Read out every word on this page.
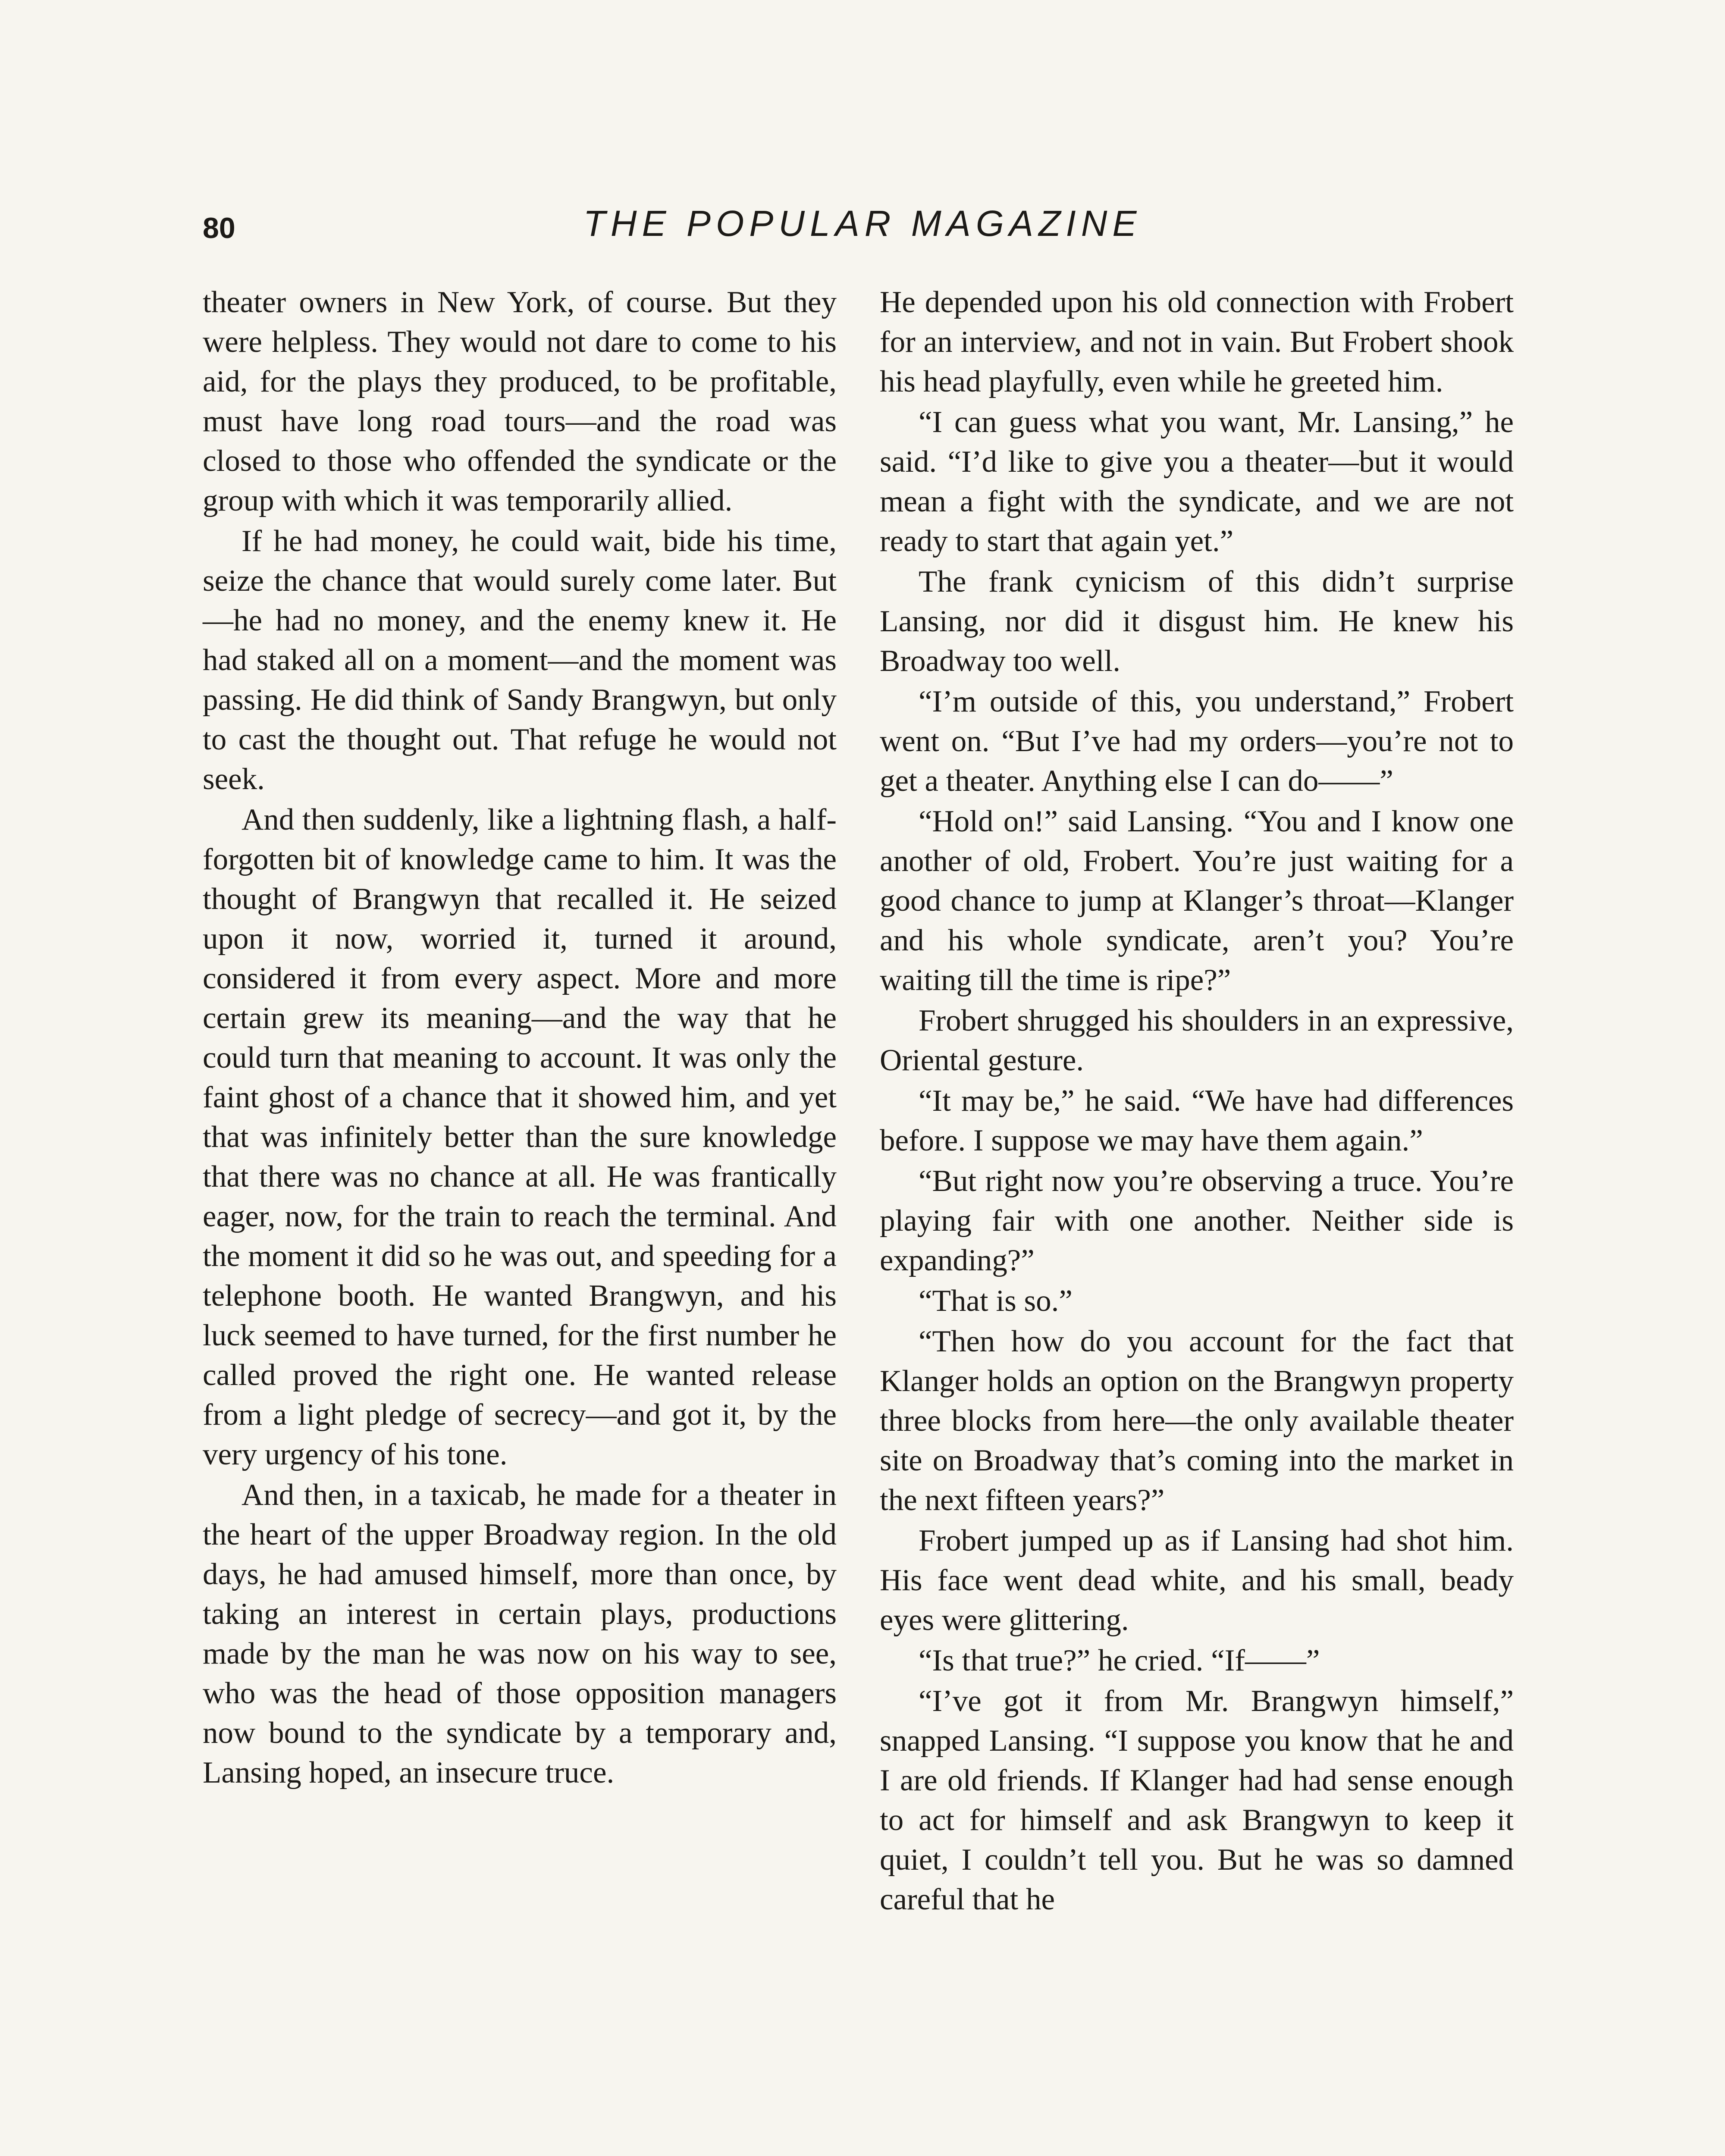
80	THE POPULAR MAGAZINE

theater owners in New York, of course. But they were helpless. They would not dare to come to his aid, for the plays they produced, to be profitable, must have long road tours—and the road was closed to those who offended the syndicate or the group with which it was temporarily allied.

If he had money, he could wait, bide his time, seize the chance that would surely come later. But—he had no money, and the enemy knew it. He had staked all on a moment—and the moment was passing. He did think of Sandy Brangwyn, but only to cast the thought out. That refuge he would not seek.

And then suddenly, like a lightning flash, a half-forgotten bit of knowledge came to him. It was the thought of Brangwyn that recalled it. He seized upon it now, worried it, turned it around, considered it from every aspect. More and more certain grew its meaning—and the way that he could turn that meaning to account. It was only the faint ghost of a chance that it showed him, and yet that was infinitely better than the sure knowledge that there was no chance at all. He was frantically eager, now, for the train to reach the terminal. And the moment it did so he was out, and speeding for a telephone booth. He wanted Brangwyn, and his luck seemed to have turned, for the first number he called proved the right one. He wanted release from a light pledge of secrecy—and got it, by the very urgency of his tone.

And then, in a taxicab, he made for a theater in the heart of the upper Broadway region. In the old days, he had amused himself, more than once, by taking an interest in certain plays, productions made by the man he was now on his way to see, who was the head of those opposition managers now bound to the syndicate by a temporary and, Lansing hoped, an insecure truce.

He depended upon his old connection with Frobert for an interview, and not in vain. But Frobert shook his head playfully, even while he greeted him.

“I can guess what you want, Mr. Lansing,” he said. “I’d like to give you a theater—but it would mean a fight with the syndicate, and we are not ready to start that again yet.”

The frank cynicism of this didn’t surprise Lansing, nor did it disgust him. He knew his Broadway too well.

“I’m outside of this, you understand,” Frobert went on. “But I’ve had my orders—you’re not to get a theater. Anything else I can do——”

“Hold on!” said Lansing. “You and I know one another of old, Frobert. You’re just waiting for a good chance to jump at Klanger’s throat—Klanger and his whole syndicate, aren’t you? You’re waiting till the time is ripe?”

Frobert shrugged his shoulders in an expressive, Oriental gesture.

“It may be,” he said. “We have had differences before. I suppose we may have them again.”

“But right now you’re observing a truce. You’re playing fair with one another. Neither side is expanding?”

“That is so.”

“Then how do you account for the fact that Klanger holds an option on the Brangwyn property three blocks from here—the only available theater site on Broadway that’s coming into the market in the next fifteen years?”

Frobert jumped up as if Lansing had shot him. His face went dead white, and his small, beady eyes were glittering.

“Is that true?” he cried. “If——”

“I’ve got it from Mr. Brangwyn himself,” snapped Lansing. “I suppose you know that he and I are old friends. If Klanger had had sense enough to act for himself and ask Brangwyn to keep it quiet, I couldn’t tell you. But he was so damned careful that he
